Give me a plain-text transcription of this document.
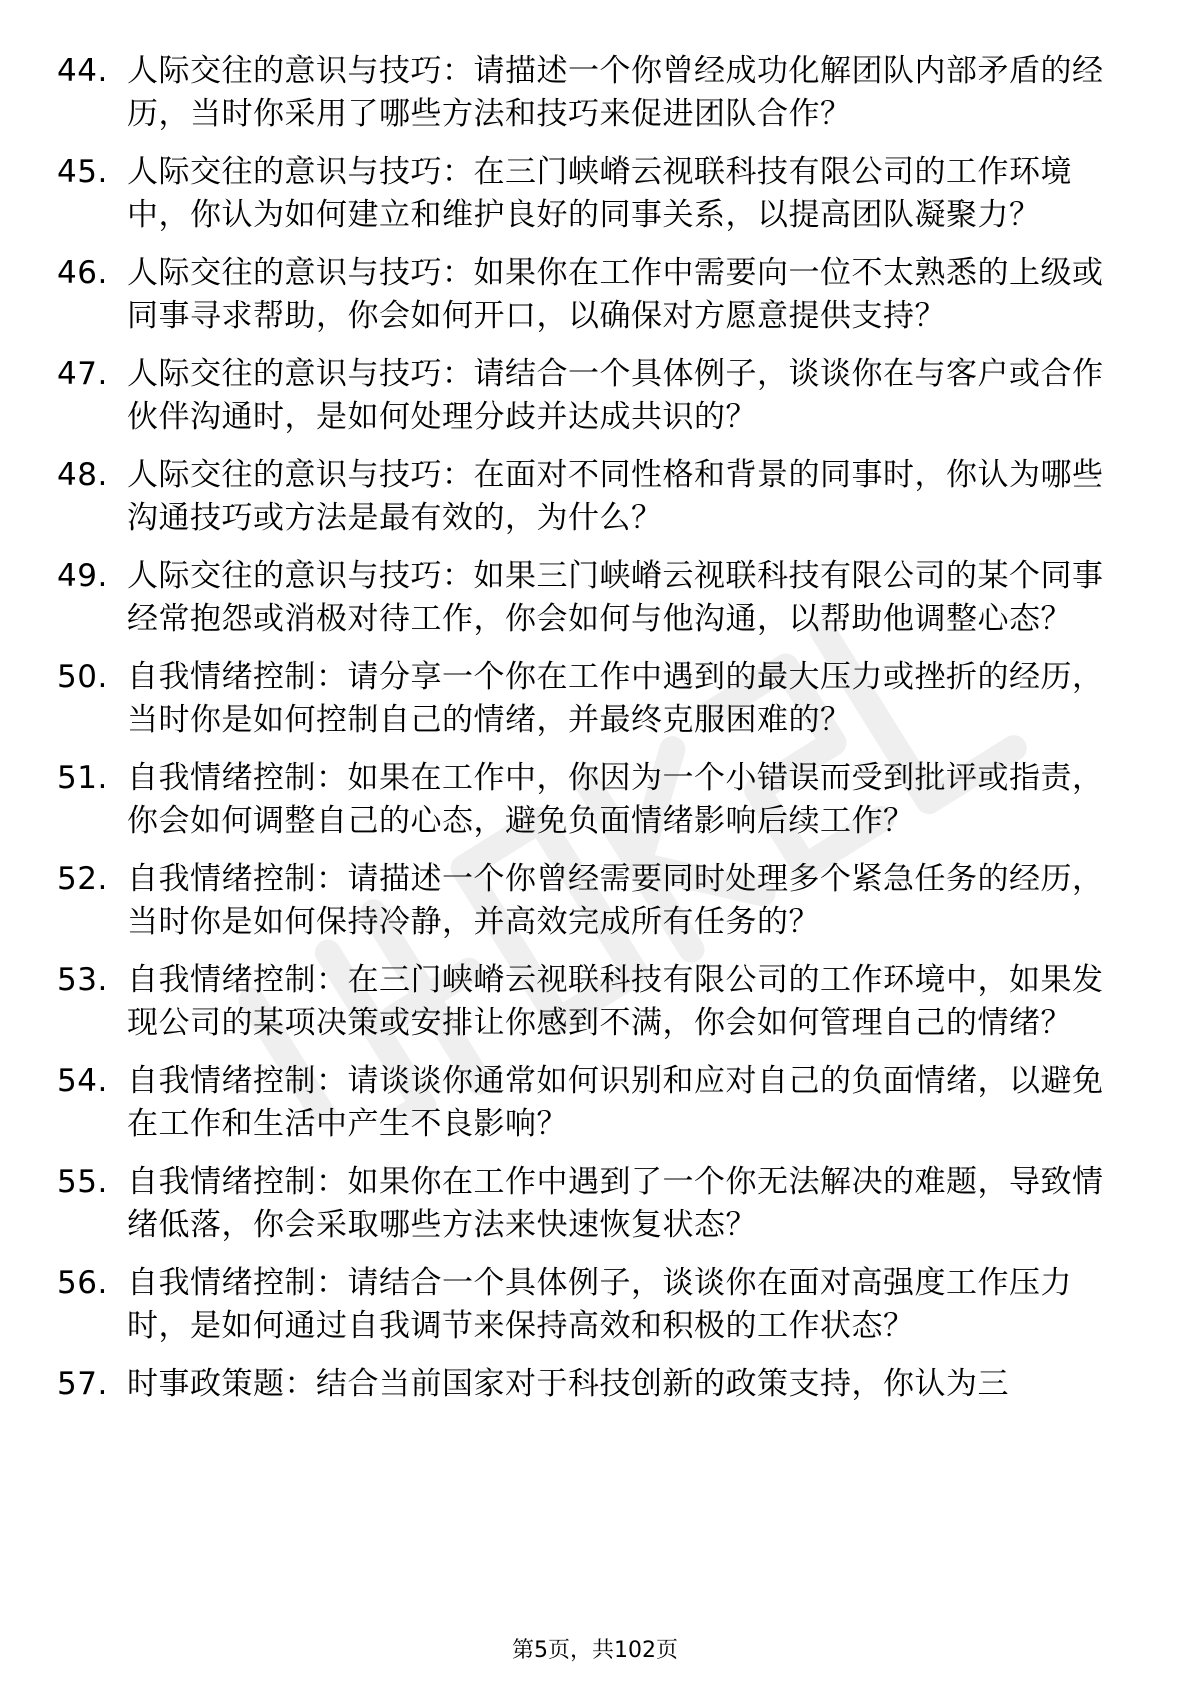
44. 人际交往的意识与技巧：请描述一个你曾经成功化解团队内部矛盾的经历，当时你采用了哪些方法和技巧来促进团队合作？
45. 人际交往的意识与技巧：在三门峡嵴云视联科技有限公司的工作环境中，你认为如何建立和维护良好的同事关系，以提高团队凝聚力？
46. 人际交往的意识与技巧：如果你在工作中需要向一位不太熟悉的上级或同事寻求帮助，你会如何开口，以确保对方愿意提供支持？
47. 人际交往的意识与技巧：请结合一个具体例子，谈谈你在与客户或合作伙伴沟通时，是如何处理分歧并达成共识的？
48. 人际交往的意识与技巧：在面对不同性格和背景的同事时，你认为哪些沟通技巧或方法是最有效的，为什么？
49. 人际交往的意识与技巧：如果三门峡嵴云视联科技有限公司的某个同事经常抱怨或消极对待工作，你会如何与他沟通，以帮助他调整心态？
50. 自我情绪控制：请分享一个你在工作中遇到的最大压力或挫折的经历，当时你是如何控制自己的情绪，并最终克服困难的？
51. 自我情绪控制：如果在工作中，你因为一个小错误而受到批评或指责，你会如何调整自己的心态，避免负面情绪影响后续工作？
52. 自我情绪控制：请描述一个你曾经需要同时处理多个紧急任务的经历，当时你是如何保持冷静，并高效完成所有任务的？
53. 自我情绪控制：在三门峡嵴云视联科技有限公司的工作环境中，如果发现公司的某项决策或安排让你感到不满，你会如何管理自己的情绪？
54. 自我情绪控制：请谈谈你通常如何识别和应对自己的负面情绪，以避免在工作和生活中产生不良影响？
55. 自我情绪控制：如果你在工作中遇到了一个你无法解决的难题，导致情绪低落，你会采取哪些方法来快速恢复状态？
56. 自我情绪控制：请结合一个具体例子，谈谈你在面对高强度工作压力时，是如何通过自我调节来保持高效和积极的工作状态？
57. 时事政策题：结合当前国家对于科技创新的政策支持，你认为三
第5页，共102页
